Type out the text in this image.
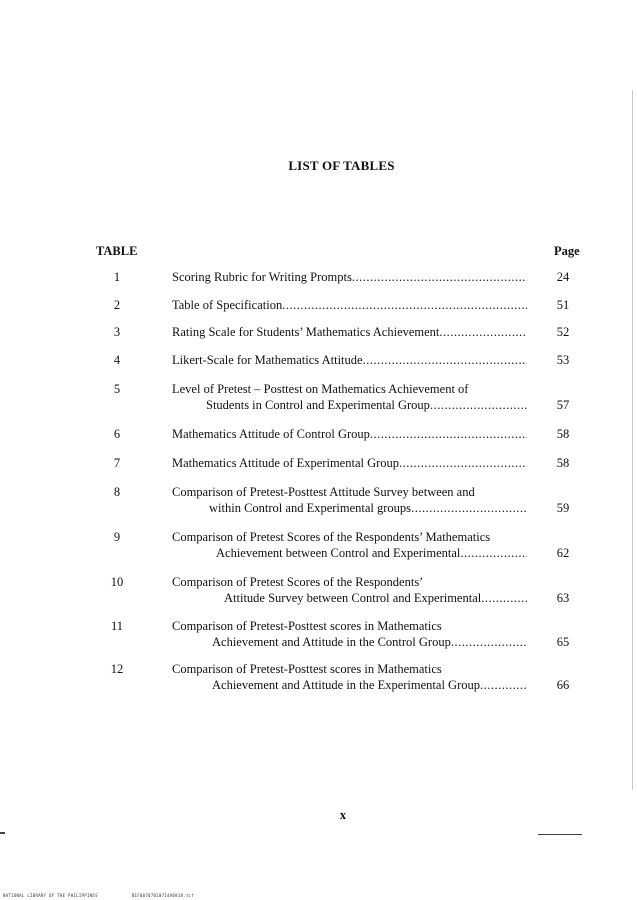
LIST OF TABLES
TABLE	Page
1	Scoring Rubric for Writing Prompts .....	24
2	Table of Specification .....	51
3	Rating Scale for Students’ Mathematics Achievement .....	52
4	Likert-Scale for Mathematics Attitude .....	53
5	Level of Pretest – Posttest on Mathematics Achievement of
Students in Control and Experimental Group .....	57
6	Mathematics Attitude of Control Group .....	58
7	Mathematics Attitude of Experimental Group .....	58
8	Comparison of Pretest-Posttest Attitude Survey between and
within Control and Experimental groups .....	59
9	Comparison of Pretest Scores of the Respondents’ Mathematics
Achievement between Control and Experimental .....	62
10	Comparison of Pretest Scores of the Respondents’
Attitude Survey between Control and Experimental .....	63
11	Comparison of Pretest-Posttest scores in Mathematics
Achievement and Attitude in the Control Group .....	65
12	Comparison of Pretest-Posttest scores in Mathematics
Achievement and Attitude in the Experimental Group .....	66
x
NATIONAL LIBRARY OF THE PHILIPPINES	B1F00707B10714A0818.tif
